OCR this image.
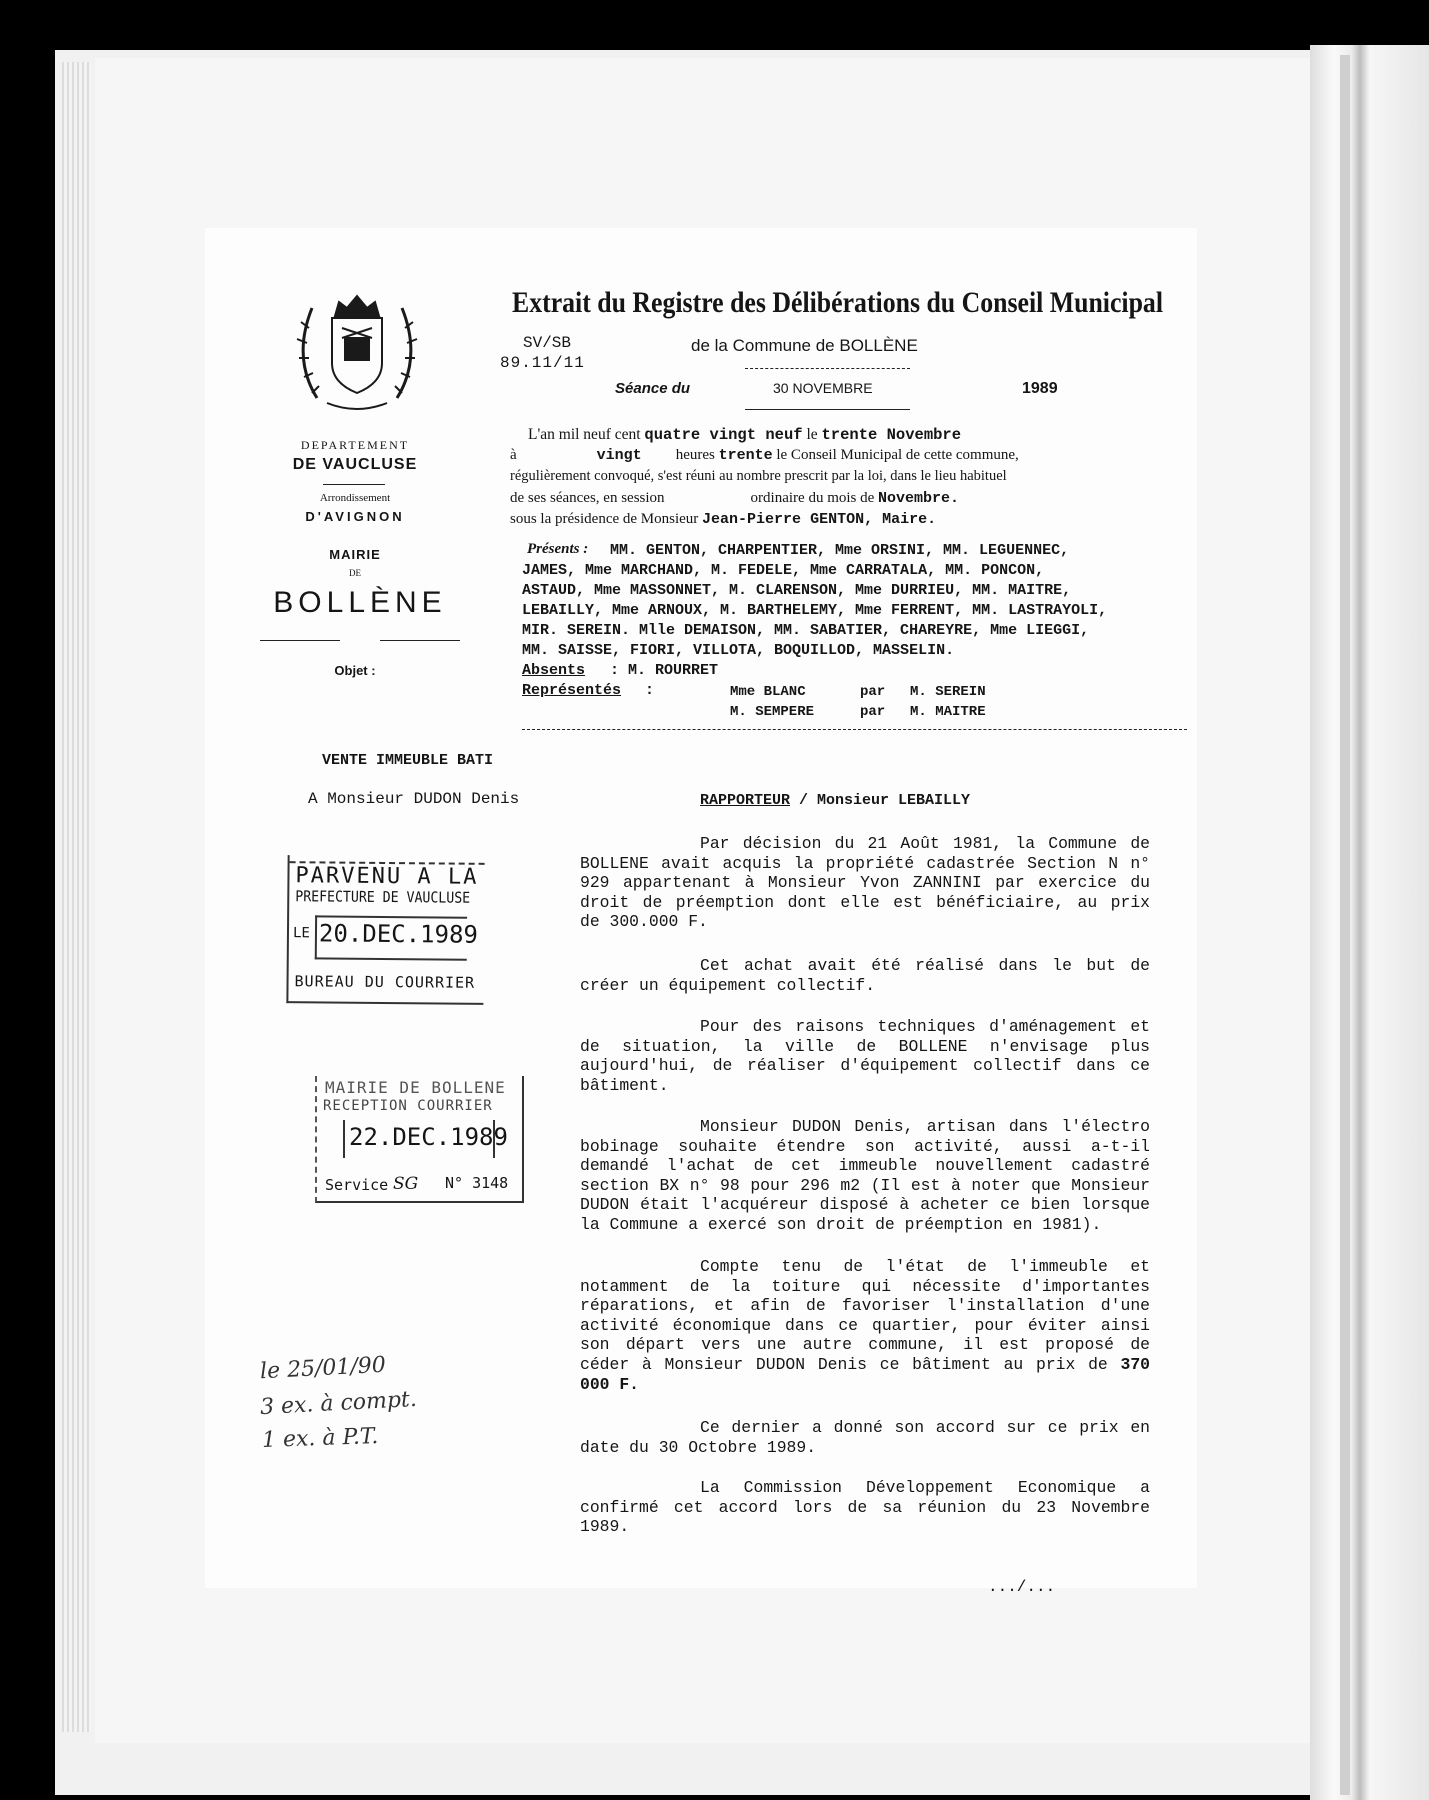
DEPARTEMENT
DE VAUCLUSE
Arrondissement
D'AVIGNON
MAIRIE
DE
BOLLÈNE
Objet :
Extrait du Registre des Délibérations du Conseil Municipal
SV/SB
89.11/11
de la Commune de BOLLÈNE
Séance du	30 NOVEMBRE	1989
L'an mil neuf cent quatre vingt neuf le trente Novembre
à	vingt heures trente le Conseil Municipal de cette commune,
régulièrement convoqué, s'est réuni au nombre prescrit par la loi, dans le lieu habituel
de ses séances, en session	ordinaire du mois de Novembre.
sous la présidence de Monsieur Jean-Pierre GENTON, Maire.
Présents : MM. GENTON, CHARPENTIER, Mme ORSINI, MM. LEGUENNEC,
JAMES, Mme MARCHAND, M. FEDELE, Mme CARRATALA, MM. PONCON,
ASTAUD, Mme MASSONNET, M. CLARENSON, Mme DURRIEU, MM. MAITRE,
LEBAILLY, Mme ARNOUX, M. BARTHELEMY, Mme FERRENT, MM. LASTRAYOLI,
MIR. SEREIN. Mlle DEMAISON, MM. SABATIER, CHAREYRE, Mme LIEGGI,
MM. SAISSE, FIORI, VILLOTA, BOQUILLOD, MASSELIN.
Absents : M. ROURRET
Représentés :	Mme BLANC	par M. SEREIN
M. SEMPERE	par M. MAITRE
VENTE IMMEUBLE BATI
A Monsieur DUDON Denis	RAPPORTEUR / Monsieur LEBAILLY
Par décision du 21 Août 1981, la Commune de BOLLENE avait acquis la propriété cadastrée Section N n° 929 appartenant à Monsieur Yvon ZANNINI par exercice du droit de préemption dont elle est bénéficiaire, au prix de 300.000 F.
Cet achat avait été réalisé dans le but de créer un équipement collectif.
Pour des raisons techniques d'aménagement et de situation, la ville de BOLLENE n'envisage plus aujourd'hui, de réaliser d'équipement collectif dans ce bâtiment.
Monsieur DUDON Denis, artisan dans l'électro bobinage souhaite étendre son activité, aussi a-t-il demandé l'achat de cet immeuble nouvellement cadastré section BX n° 98 pour 296 m2 (Il est à noter que Monsieur DUDON était l'acquéreur disposé à acheter ce bien lorsque la Commune a exercé son droit de préemption en 1981).
Compte tenu de l'état de l'immeuble et notamment de la toiture qui nécessite d'importantes réparations, et afin de favoriser l'installation d'une activité économique dans ce quartier, pour éviter ainsi son départ vers une autre commune, il est proposé de céder à Monsieur DUDON Denis ce bâtiment au prix de 370 000 F.
Ce dernier a donné son accord sur ce prix en date du 30 Octobre 1989.
La Commission Développement Economique a confirmé cet accord lors de sa réunion du 23 Novembre 1989.
.../...
PARVENU A LA
PREFECTURE DE VAUCLUSE
LE 20.DEC.1989
BUREAU DU COURRIER
MAIRIE DE BOLLENE
RECEPTION COURRIER
22.DEC.1989
Service SG N° 3148
le 25/01/90
3 ex. à compt.
1 ex. à P.T.
